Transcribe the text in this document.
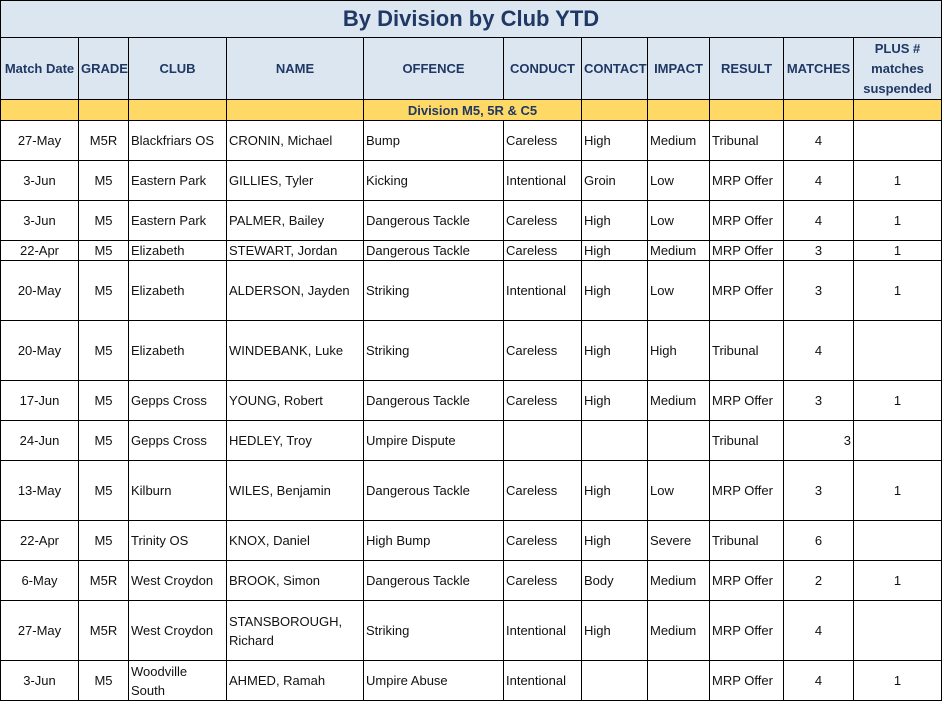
By Division by Club YTD										
Match Date	GRADE	CLUB	NAME	OFFENCE	CONDUCT	CONTACT	IMPACT	RESULT	MATCHES	PLUS # matches suspended
				Division M5, 5R & C5						
27-May	M5R	Blackfriars OS	CRONIN, Michael	Bump	Careless	High	Medium	Tribunal	4	
3-Jun	M5	Eastern Park	GILLIES, Tyler	Kicking	Intentional	Groin	Low	MRP Offer	4	1
3-Jun	M5	Eastern Park	PALMER, Bailey	Dangerous Tackle	Careless	High	Low	MRP Offer	4	1
22-Apr	M5	Elizabeth	STEWART, Jordan	Dangerous Tackle	Careless	High	Medium	MRP Offer	3	1
20-May	M5	Elizabeth	ALDERSON, Jayden	Striking	Intentional	High	Low	MRP Offer	3	1
20-May	M5	Elizabeth	WINDEBANK, Luke	Striking	Careless	High	High	Tribunal	4	
17-Jun	M5	Gepps Cross	YOUNG, Robert	Dangerous Tackle	Careless	High	Medium	MRP Offer	3	1
24-Jun	M5	Gepps Cross	HEDLEY, Troy	Umpire Dispute				Tribunal	3	
13-May	M5	Kilburn	WILES, Benjamin	Dangerous Tackle	Careless	High	Low	MRP Offer	3	1
22-Apr	M5	Trinity OS	KNOX, Daniel	High Bump	Careless	High	Severe	Tribunal	6	
6-May	M5R	West Croydon	BROOK, Simon	Dangerous Tackle	Careless	Body	Medium	MRP Offer	2	1
27-May	M5R	West Croydon	STANSBOROUGH, Richard	Striking	Intentional	High	Medium	MRP Offer	4	
3-Jun	M5	Woodville South	AHMED, Ramah	Umpire Abuse	Intentional			MRP Offer	4	1
